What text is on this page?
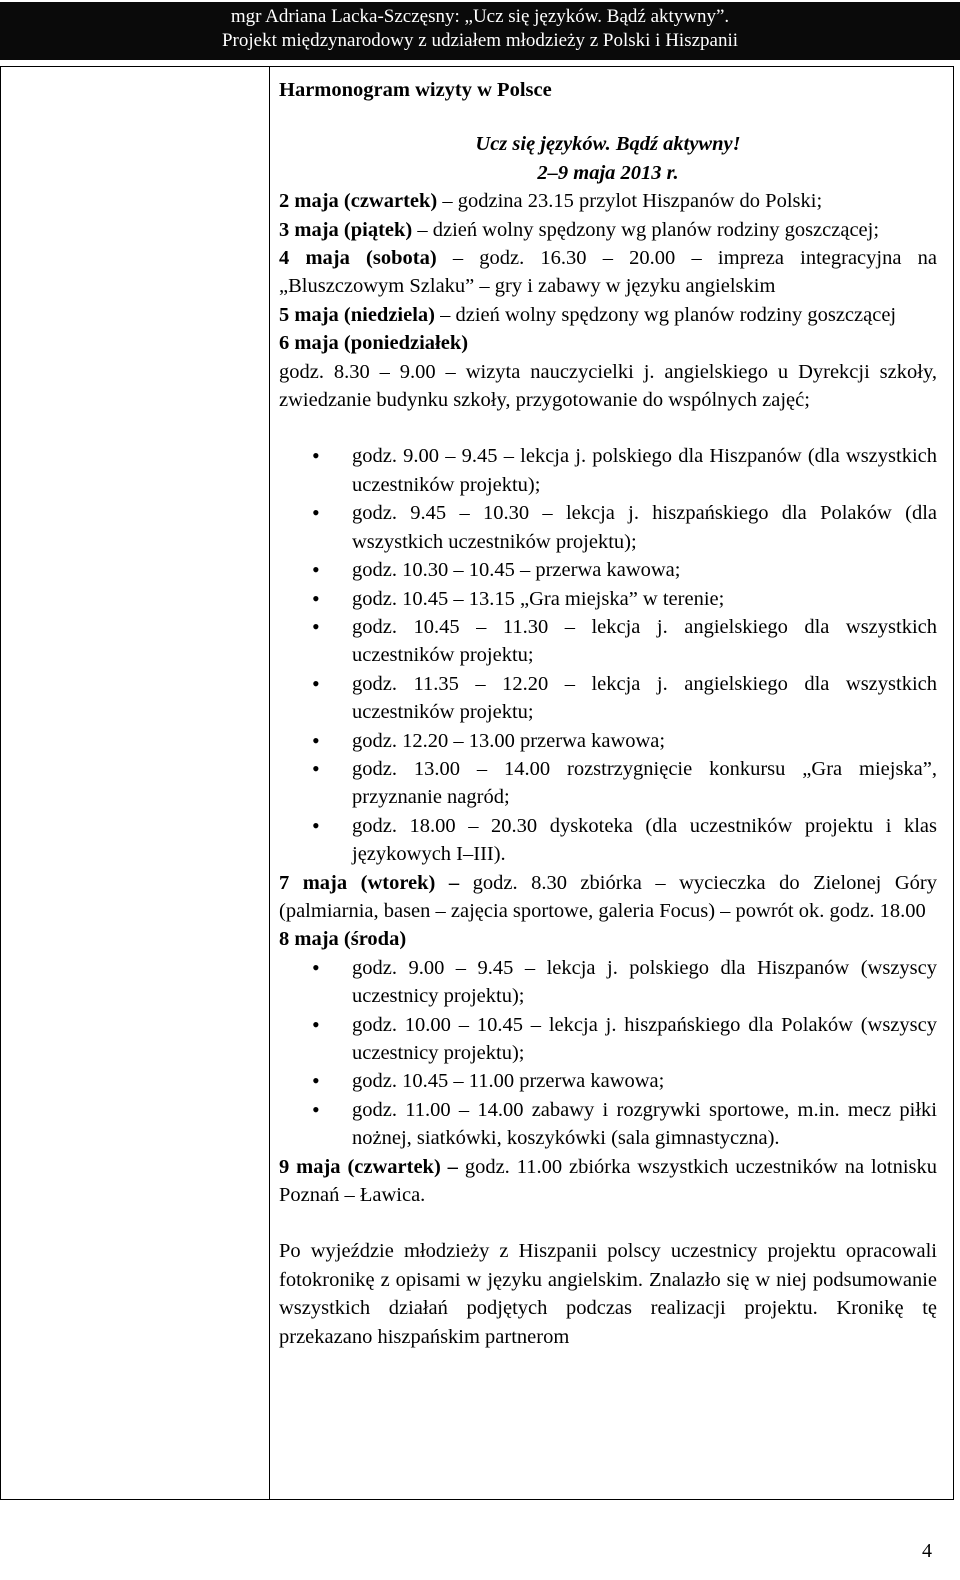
mgr Adriana Lacka-Szczęsny: „Ucz się języków. Bądź aktywny”.
Projekt międzynarodowy z udziałem młodzieży z Polski i Hiszpanii

Harmonogram wizyty w Polsce

Ucz się języków. Bądź aktywny!

2–9 maja 2013 r.

2 maja (czwartek) – godzina 23.15 przylot Hiszpanów do Polski;

3 maja (piątek) – dzień wolny spędzony wg planów rodziny goszczącej;

4 maja (sobota) – godz. 16.30 – 20.00 – impreza integracyjna na „Bluszczowym Szlaku” – gry i zabawy w języku angielskim

5 maja (niedziela) – dzień wolny spędzony wg planów rodziny goszczącej

6 maja (poniedziałek)

godz. 8.30 – 9.00 – wizyta nauczycielki j. angielskiego u Dyrekcji szkoły, zwiedzanie budynku szkoły, przygotowanie do wspólnych zajęć;

• godz. 9.00 – 9.45 – lekcja j. polskiego dla Hiszpanów (dla wszystkich uczestników projektu);
• godz. 9.45 – 10.30 – lekcja j. hiszpańskiego dla Polaków (dla wszystkich uczestników projektu);
• godz. 10.30 – 10.45 – przerwa kawowa;
• godz. 10.45 – 13.15 „Gra miejska” w terenie;
• godz. 10.45 – 11.30 – lekcja j. angielskiego dla wszystkich uczestników projektu;
• godz. 11.35 – 12.20 – lekcja j. angielskiego dla wszystkich uczestników projektu;
• godz. 12.20 – 13.00 przerwa kawowa;
• godz. 13.00 – 14.00 rozstrzygnięcie konkursu „Gra miejska”, przyznanie nagród;
• godz. 18.00 – 20.30 dyskoteka (dla uczestników projektu i klas językowych I–III).

7 maja (wtorek) – godz. 8.30 zbiórka – wycieczka do Zielonej Góry (palmiarnia, basen – zajęcia sportowe, galeria Focus) – powrót ok. godz. 18.00

8 maja (środa)

• godz. 9.00 – 9.45 – lekcja j. polskiego dla Hiszpanów (wszyscy uczestnicy projektu);
• godz. 10.00 – 10.45 – lekcja j. hiszpańskiego dla Polaków (wszyscy uczestnicy projektu);
• godz. 10.45 – 11.00 przerwa kawowa;
• godz. 11.00 – 14.00 zabawy i rozgrywki sportowe, m.in. mecz piłki nożnej, siatkówki, koszykówki (sala gimnastyczna).

9 maja (czwartek) – godz. 11.00 zbiórka wszystkich uczestników na lotnisku Poznań – Ławica.

Po wyjeździe młodzieży z Hiszpanii polscy uczestnicy projektu opracowali fotokronikę z opisami w języku angielskim. Znalazło się w niej podsumowanie wszystkich działań podjętych podczas realizacji projektu. Kronikę tę przekazano hiszpańskim partnerom

4
